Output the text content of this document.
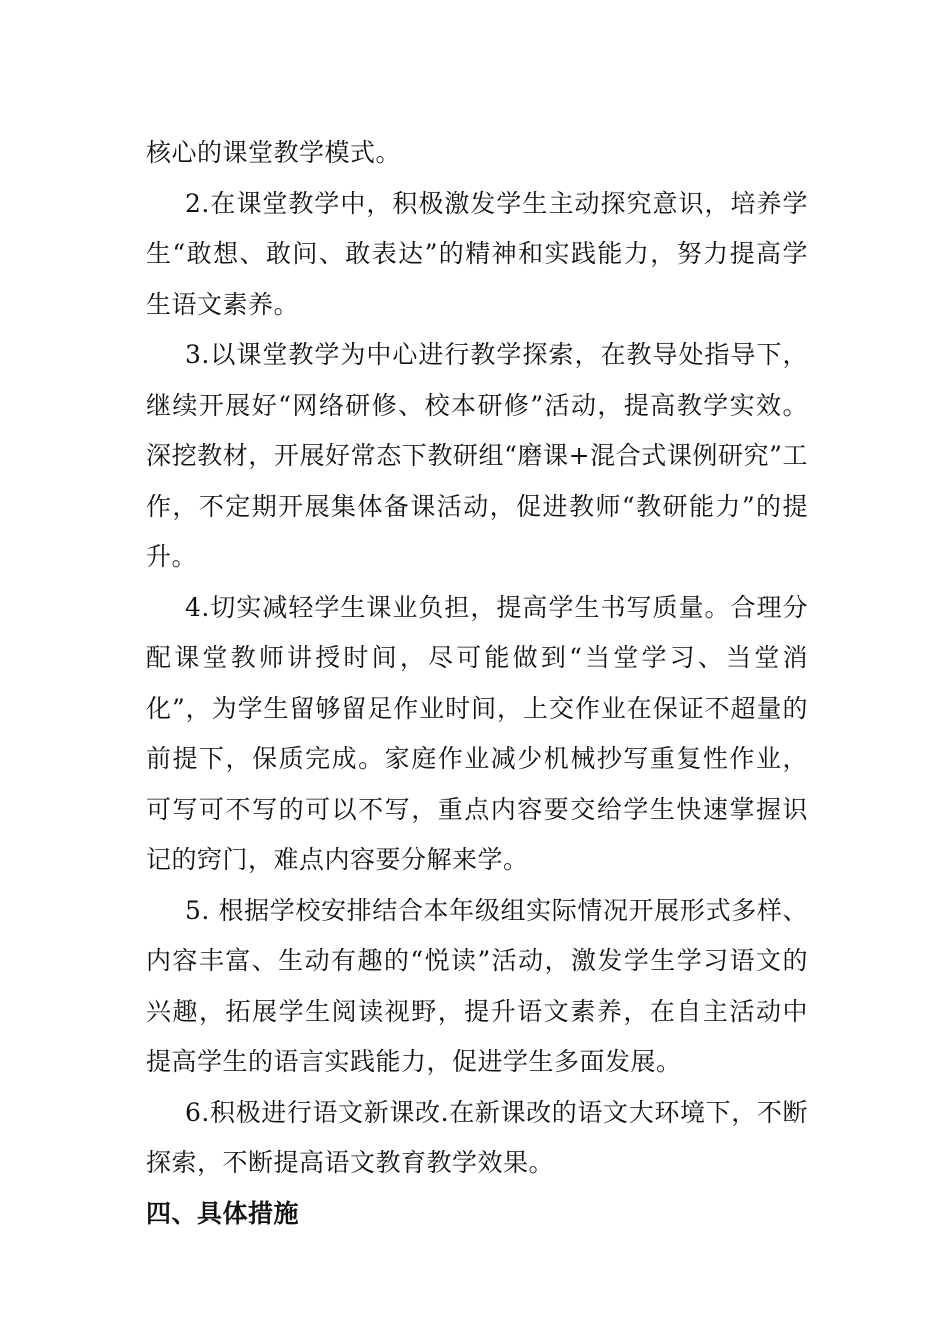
核心的课堂教学模式。

2.在课堂教学中，积极激发学生主动探究意识，培养学生“敢想、敢问、敢表达”的精神和实践能力，努力提高学生语文素养。

3.以课堂教学为中心进行教学探索，在教导处指导下，继续开展好“网络研修、校本研修”活动，提高教学实效。 深挖教材，开展好常态下教研组“磨课+混合式课例研究”工作，不定期开展集体备课活动，促进教师“教研能力”的提升。

4.切实减轻学生课业负担，提高学生书写质量。合理分配课堂教师讲授时间，尽可能做到“当堂学习、当堂消化”，为学生留够留足作业时间，上交作业在保证不超量的前提下，保质完成。家庭作业减少机械抄写重复性作业，可写可不写的可以不写，重点内容要交给学生快速掌握识记的窍门，难点内容要分解来学。

5. 根据学校安排结合本年级组实际情况开展形式多样、内容丰富、生动有趣的“悦读”活动，激发学生学习语文的兴趣，拓展学生阅读视野，提升语文素养，在自主活动中提高学生的语言实践能力，促进学生多面发展。

6.积极进行语文新课改.在新课改的语文大环境下，不断探索，不断提高语文教育教学效果。

四、具体措施
